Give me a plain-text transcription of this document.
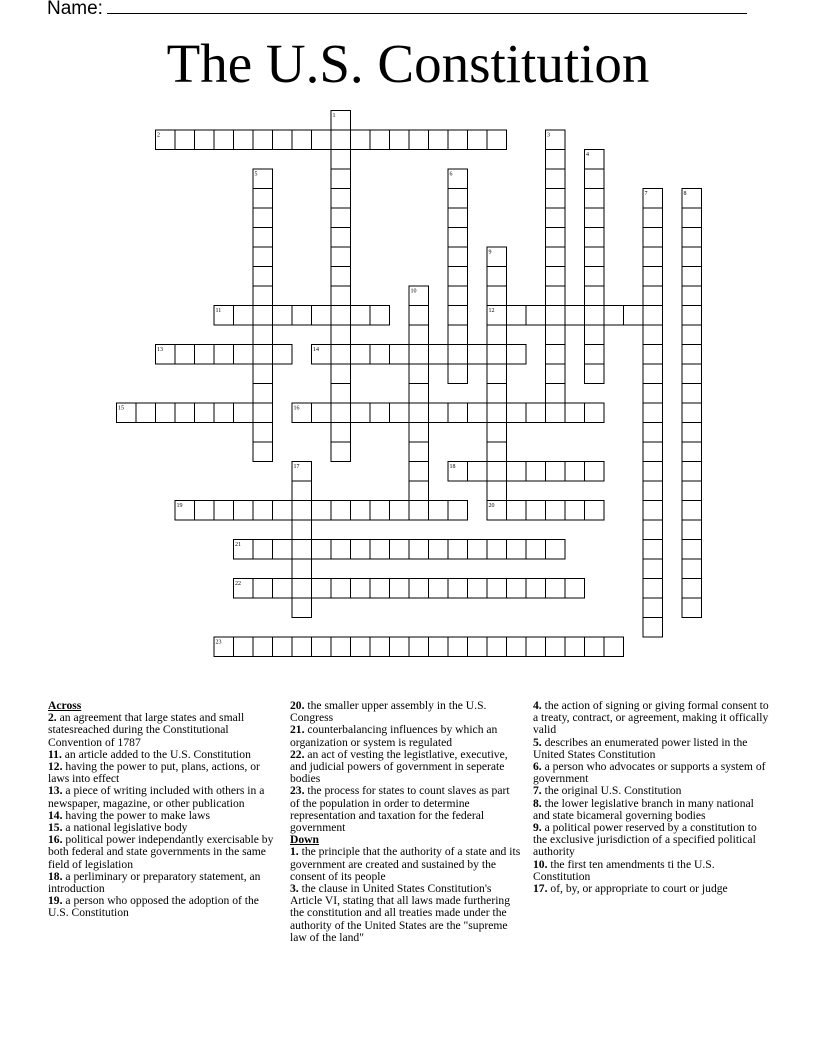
Name:
The U.S. Constitution
1
2	3
4
5	6
7	8
9
10
11	12
13	14
15	16
17	18
19	20
21
22
23
Across
2. an agreement that large states and small statesreached during the Constitutional Convention of 1787
11. an article added to the U.S. Constitution
12. having the power to put, plans, actions, or laws into effect
13. a piece of writing included with others in a newspaper, magazine, or other publication
14. having the power to make laws
15. a national legislative body
16. political power independantly exercisable by both federal and state governments in the same field of legislation
18. a perliminary or preparatory statement, an introduction
19. a person who opposed the adoption of the U.S. Constitution
20. the smaller upper assembly in the U.S. Congress
21. counterbalancing influences by which an organization or system is regulated
22. an act of vesting the legistlative, executive, and judicial powers of government in seperate bodies
23. the process for states to count slaves as part of the population in order to determine representation and taxation for the federal government
Down
1. the principle that the authority of a state and its government are created and sustained by the consent of its people
3. the clause in United States Constitution's Article VI, stating that all laws made furthering the constitution and all treaties made under the authority of the United States are the "supreme law of the land"
4. the action of signing or giving formal consent to a treaty, contract, or agreement, making it offically valid
5. describes an enumerated power listed in the United States Constitution
6. a person who advocates or supports a system of government
7. the original U.S. Constitution
8. the lower legislative branch in many national and state bicameral governing bodies
9. a political power reserved by a constitution to the exclusive jurisdiction of a specified political authority
10. the first ten amendments ti the U.S. Constitution
17. of, by, or appropriate to court or judge
